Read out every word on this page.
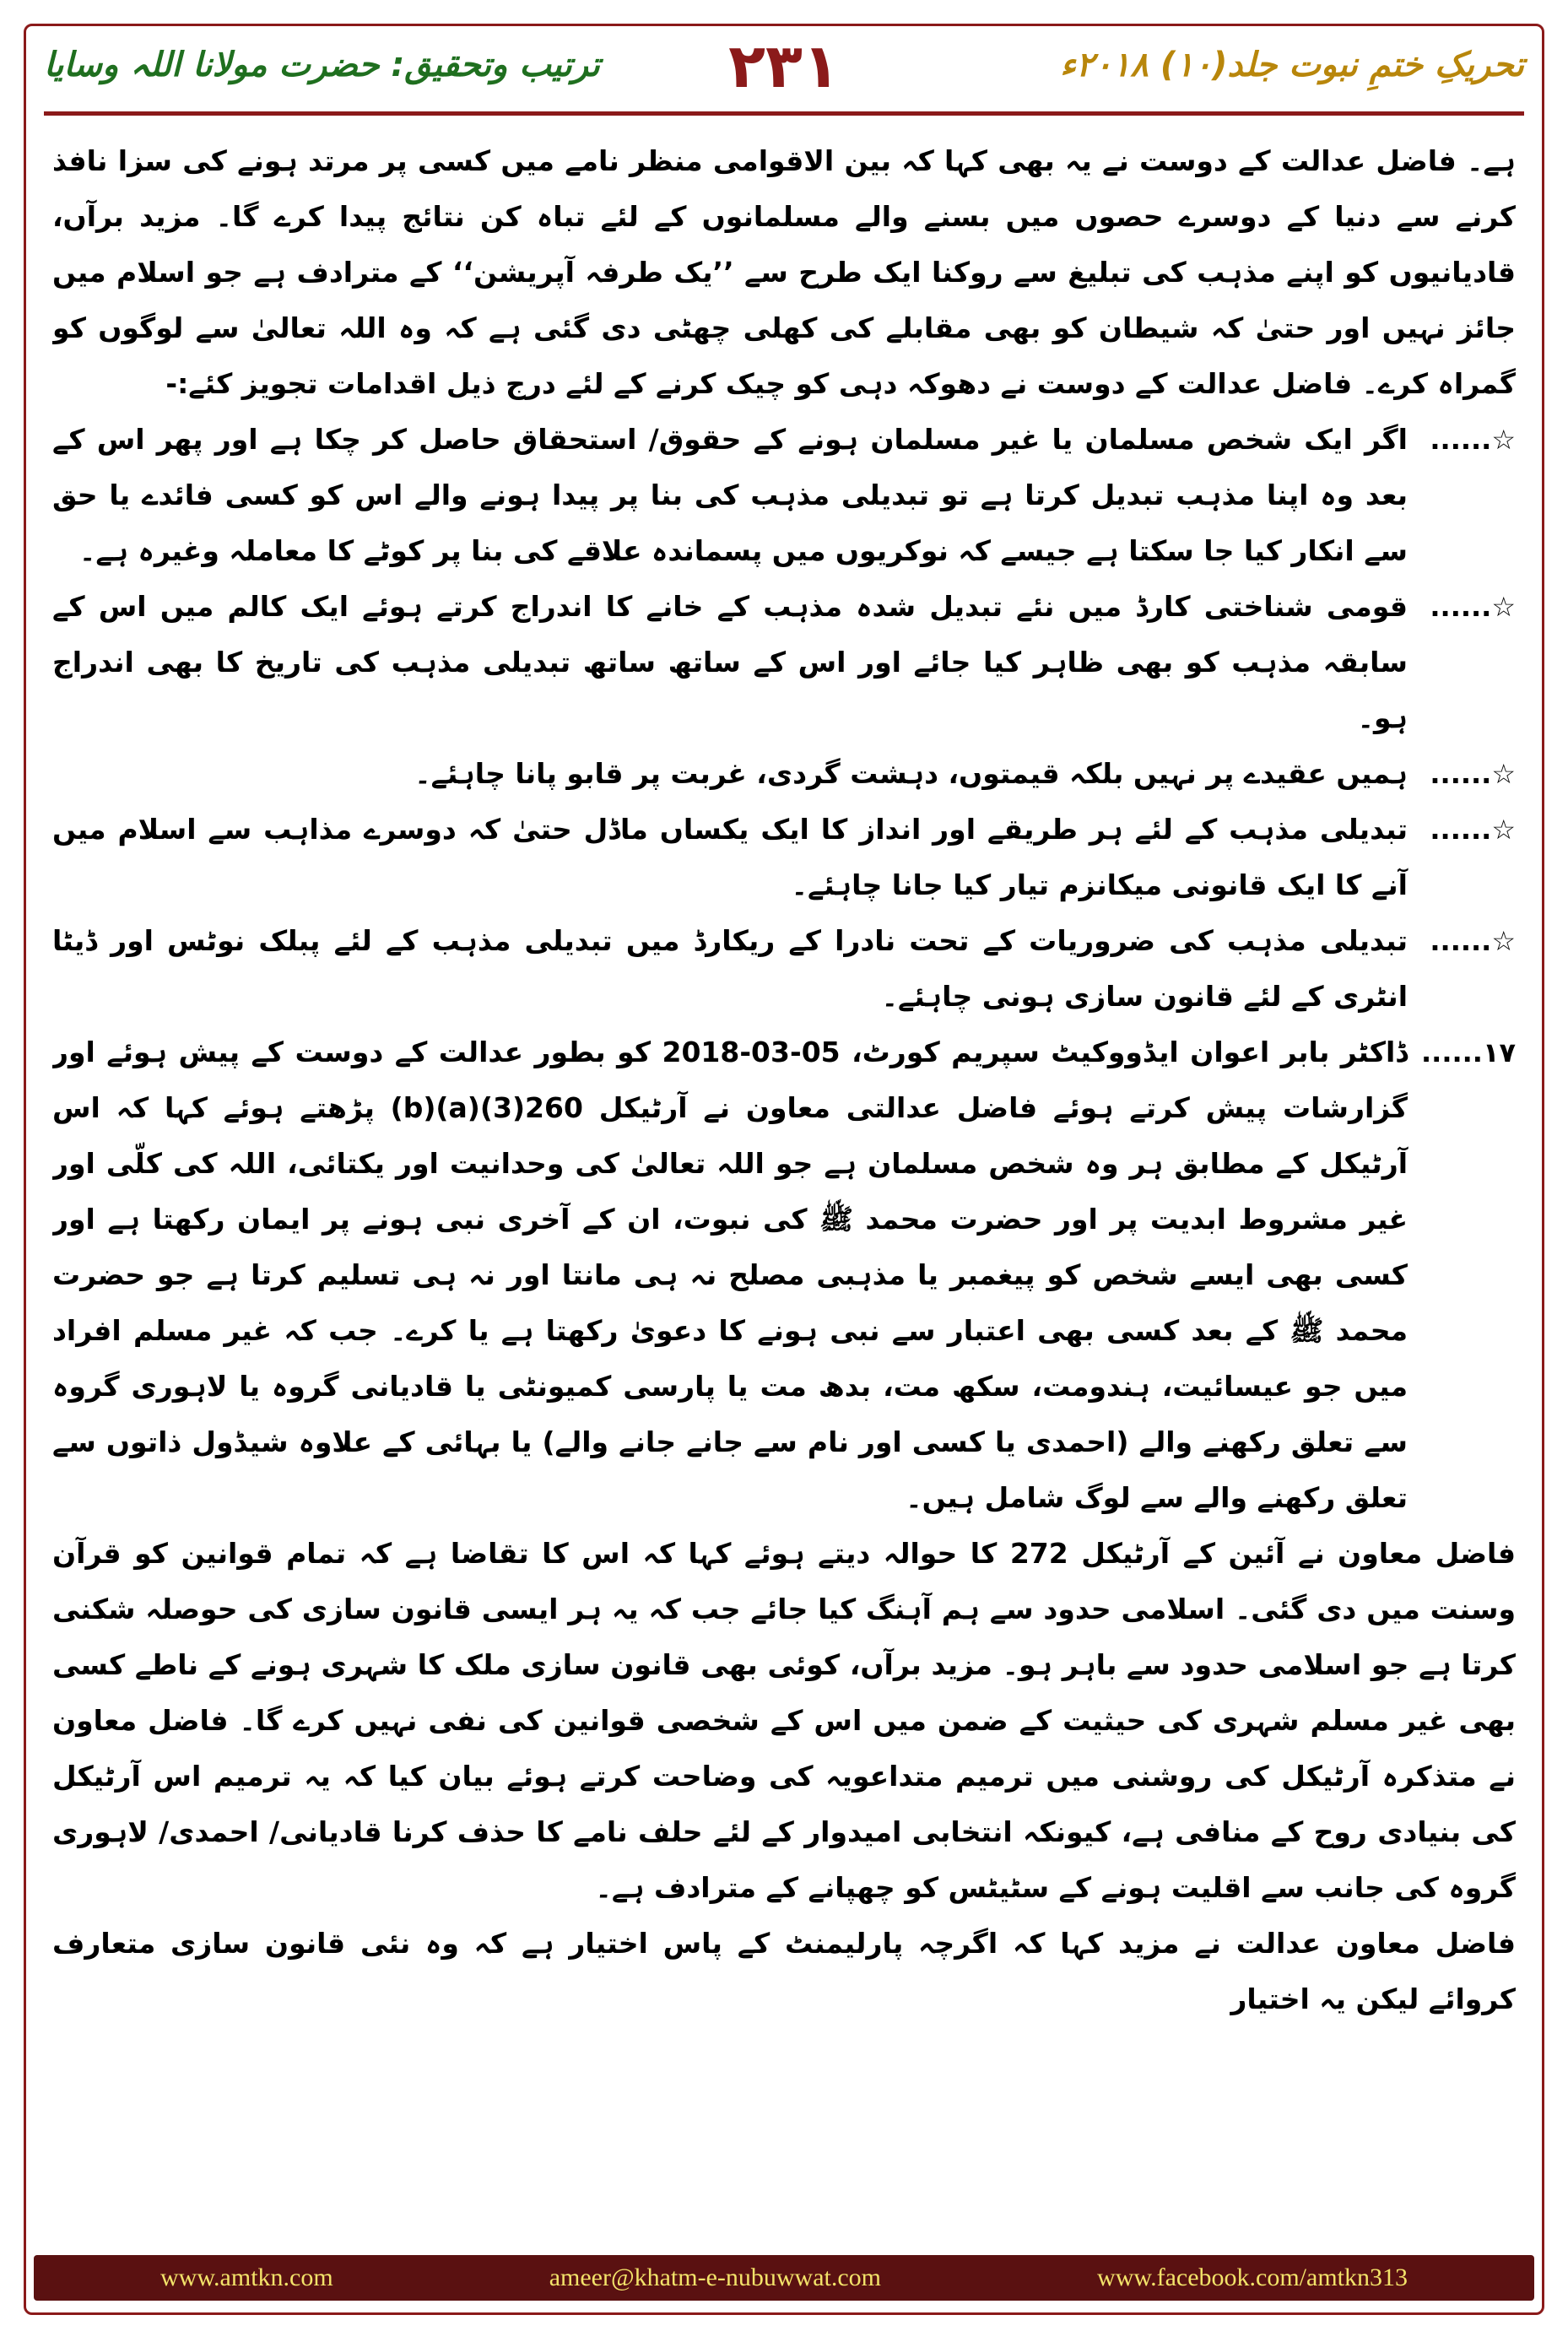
تحریکِ ختمِ نبوت جلد(۱۰) ۲۰۱۸ء
۲۳۱
ترتیب وتحقیق: حضرت مولانا اللہ وسایا

ہے۔ فاضل عدالت کے دوست نے یہ بھی کہا کہ بین الاقوامی منظر نامے میں کسی پر مرتد ہونے کی سزا نافذ کرنے سے دنیا کے دوسرے حصوں میں بسنے والے مسلمانوں کے لئے تباہ کن نتائج پیدا کرے گا۔ مزید برآں، قادیانیوں کو اپنے مذہب کی تبلیغ سے روکنا ایک طرح سے ’’یک طرفہ آپریشن‘‘ کے مترادف ہے جو اسلام میں جائز نہیں اور حتیٰ کہ شیطان کو بھی مقابلے کی کھلی چھٹی دی گئی ہے کہ وہ اللہ تعالیٰ سے لوگوں کو گمراہ کرے۔ فاضل عدالت کے دوست نے دھوکہ دہی کو چیک کرنے کے لئے درج ذیل اقدامات تجویز کئے:-

☆......
اگر ایک شخص مسلمان یا غیر مسلمان ہونے کے حقوق/ استحقاق حاصل کر چکا ہے اور پھر اس کے بعد وہ اپنا مذہب تبدیل کرتا ہے تو تبدیلی مذہب کی بنا پر پیدا ہونے والے اس کو کسی فائدے یا حق سے انکار کیا جا سکتا ہے جیسے کہ نوکریوں میں پسماندہ علاقے کی بنا پر کوٹے کا معاملہ وغیرہ ہے۔
☆......
قومی شناختی کارڈ میں نئے تبدیل شدہ مذہب کے خانے کا اندراج کرتے ہوئے ایک کالم میں اس کے سابقہ مذہب کو بھی ظاہر کیا جائے اور اس کے ساتھ ساتھ تبدیلی مذہب کی تاریخ کا بھی اندراج ہو۔
☆......
ہمیں عقیدے پر نہیں بلکہ قیمتوں، دہشت گردی، غربت پر قابو پانا چاہئے۔
☆......
تبدیلی مذہب کے لئے ہر طریقے اور انداز کا ایک یکساں ماڈل حتیٰ کہ دوسرے مذاہب سے اسلام میں آنے کا ایک قانونی میکانزم تیار کیا جانا چاہئے۔
☆......
تبدیلی مذہب کی ضروریات کے تحت نادرا کے ریکارڈ میں تبدیلی مذہب کے لئے پبلک نوٹس اور ڈیٹا انٹری کے لئے قانون سازی ہونی چاہئے۔
۱۷......
ڈاکٹر بابر اعوان ایڈووکیٹ سپریم کورٹ، 05-03-2018 کو بطور عدالت کے دوست کے پیش ہوئے اور گزارشات پیش کرتے ہوئے فاضل عدالتی معاون نے آرٹیکل 260(3)(a)(b) پڑھتے ہوئے کہا کہ اس آرٹیکل کے مطابق ہر وہ شخص مسلمان ہے جو اللہ تعالیٰ کی وحدانیت اور یکتائی، اللہ کی کلّی اور غیر مشروط ابدیت پر اور حضرت محمد ﷺ کی نبوت، ان کے آخری نبی ہونے پر ایمان رکھتا ہے اور کسی بھی ایسے شخص کو پیغمبر یا مذہبی مصلح نہ ہی مانتا اور نہ ہی تسلیم کرتا ہے جو حضرت محمد ﷺ کے بعد کسی بھی اعتبار سے نبی ہونے کا دعویٰ رکھتا ہے یا کرے۔ جب کہ غیر مسلم افراد میں جو عیسائیت، ہندومت، سکھ مت، بدھ مت یا پارسی کمیونٹی یا قادیانی گروہ یا لاہوری گروہ سے تعلق رکھنے والے (احمدی یا کسی اور نام سے جانے جانے والے) یا بہائی کے علاوہ شیڈول ذاتوں سے تعلق رکھنے والے سے لوگ شامل ہیں۔

فاضل معاون نے آئین کے آرٹیکل 272 کا حوالہ دیتے ہوئے کہا کہ اس کا تقاضا ہے کہ تمام قوانین کو قرآن وسنت میں دی گئی۔ اسلامی حدود سے ہم آہنگ کیا جائے جب کہ یہ ہر ایسی قانون سازی کی حوصلہ شکنی کرتا ہے جو اسلامی حدود سے باہر ہو۔ مزید برآں، کوئی بھی قانون سازی ملک کا شہری ہونے کے ناطے کسی بھی غیر مسلم شہری کی حیثیت کے ضمن میں اس کے شخصی قوانین کی نفی نہیں کرے گا۔ فاضل معاون نے متذکرہ آرٹیکل کی روشنی میں ترمیم متداعویہ کی وضاحت کرتے ہوئے بیان کیا کہ یہ ترمیم اس آرٹیکل کی بنیادی روح کے منافی ہے، کیونکہ انتخابی امیدوار کے لئے حلف نامے کا حذف کرنا قادیانی/ احمدی/ لاہوری گروہ کی جانب سے اقلیت ہونے کے سٹیٹس کو چھپانے کے مترادف ہے۔

فاضل معاون عدالت نے مزید کہا کہ اگرچہ پارلیمنٹ کے پاس اختیار ہے کہ وہ نئی قانون سازی متعارف کروائے لیکن یہ اختیار

www.amtkn.com	ameer@khatm-e-nubuwwat.com	www.facebook.com/amtkn313
